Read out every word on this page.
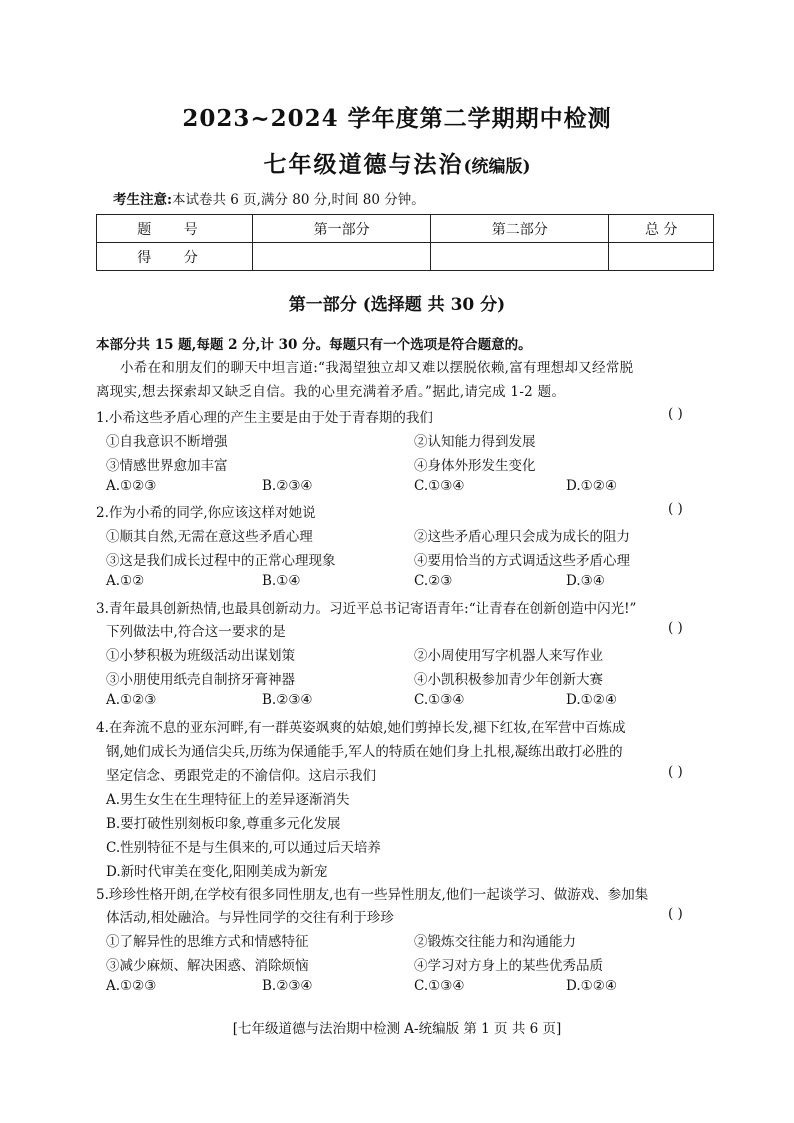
2023~2024 学年度第二学期期中检测
七年级道德与法治(统编版)
考生注意:本试卷共 6 页,满分 80 分,时间 80 分钟。
题 号	第一部分	第二部分	总 分
得 分			
第一部分 (选择题 共 30 分)
本部分共 15 题,每题 2 分,计 30 分。每题只有一个选项是符合题意的。
小希在和朋友们的聊天中坦言道:“我渴望独立却又难以摆脱依赖,富有理想却又经常脱
离现实,想去探索却又缺乏自信。我的心里充满着矛盾。”据此,请完成 1-2 题。
1.小希这些矛盾心理的产生主要是由于处于青春期的我们	( )
①自我意识不断增强	②认知能力得到发展
③情感世界愈加丰富	④身体外形发生变化
A.①②③	B.②③④	C.①③④	D.①②④
2.作为小希的同学,你应该这样对她说	( )
①顺其自然,无需在意这些矛盾心理	②这些矛盾心理只会成为成长的阻力
③这是我们成长过程中的正常心理现象	④要用恰当的方式调适这些矛盾心理
A.①②	B.①④	C.②③	D.③④
3.青年最具创新热情,也最具创新动力。习近平总书记寄语青年:“让青春在创新创造中闪光!”
下列做法中,符合这一要求的是	( )
①小梦积极为班级活动出谋划策	②小周使用写字机器人来写作业
③小朋使用纸壳自制挤牙膏神器	④小凯积极参加青少年创新大赛
A.①②③	B.②③④	C.①③④	D.①②④
4.在奔流不息的亚东河畔,有一群英姿飒爽的姑娘,她们剪掉长发,褪下红妆,在军营中百炼成
钢,她们成长为通信尖兵,历练为保通能手,军人的特质在她们身上扎根,凝练出敢打必胜的
坚定信念、勇跟党走的不渝信仰。这启示我们	( )
A.男生女生在生理特征上的差异逐渐消失
B.要打破性别刻板印象,尊重多元化发展
C.性别特征不是与生俱来的,可以通过后天培养
D.新时代审美在变化,阳刚美成为新宠
5.珍珍性格开朗,在学校有很多同性朋友,也有一些异性朋友,他们一起谈学习、做游戏、参加集
体活动,相处融洽。与异性同学的交往有利于珍珍	( )
①了解异性的思维方式和情感特征	②锻炼交往能力和沟通能力
③减少麻烦、解决困惑、消除烦恼	④学习对方身上的某些优秀品质
A.①②③	B.②③④	C.①③④	D.①②④
[七年级道德与法治期中检测 A-统编版 第 1 页 共 6 页]
